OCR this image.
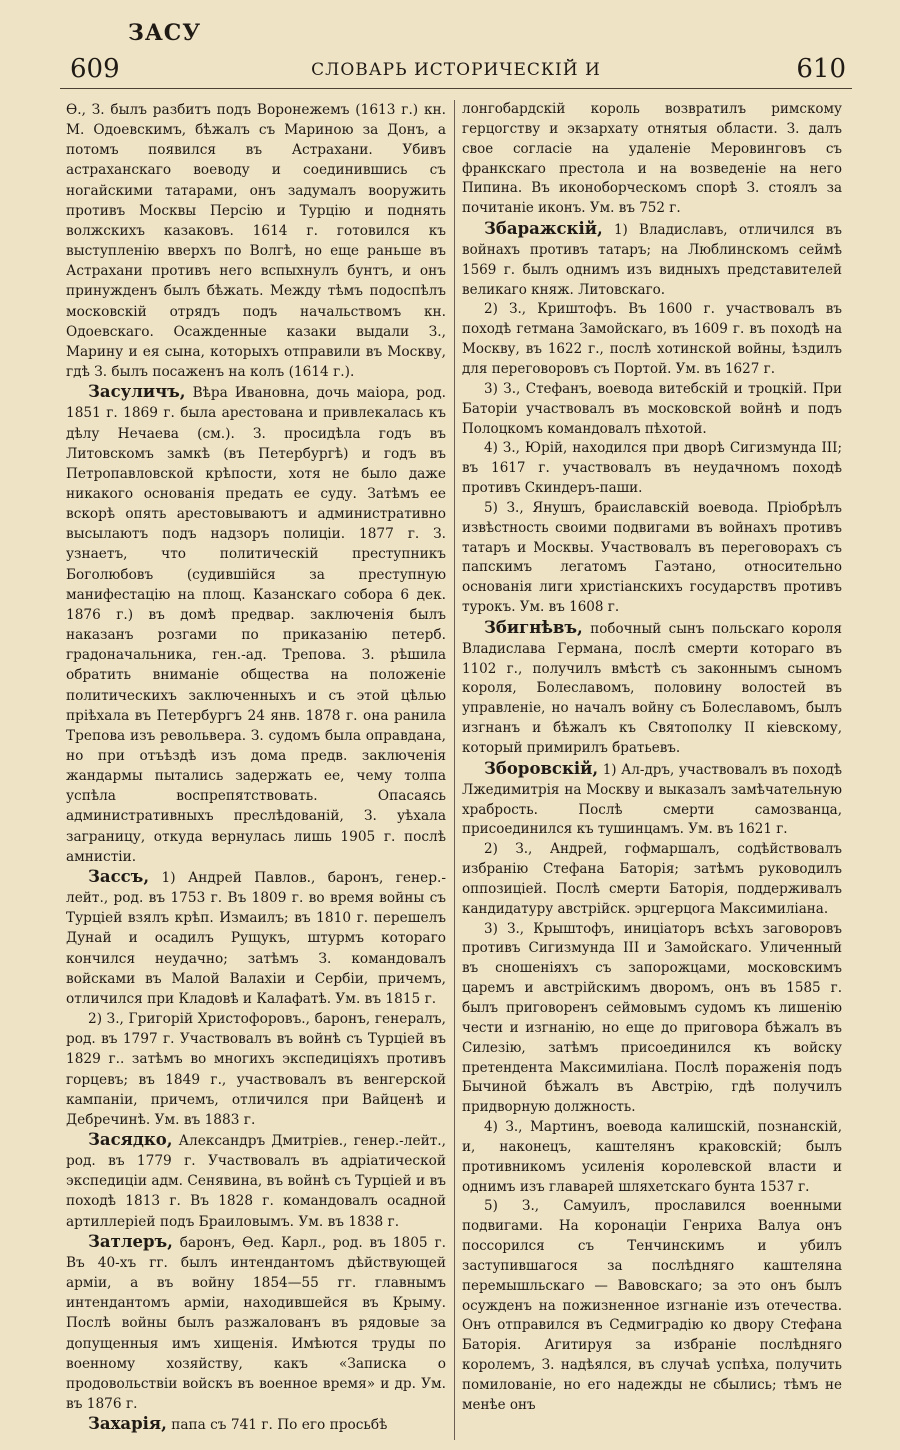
ЗАСУ
609	СЛОВАРЬ ИСТОРИЧЕСКІЙ И	610

Ө., З. былъ разбитъ подъ Воронежемъ (1613 г.) кн. М. Одоевскимъ, бѣжалъ съ Мариною за Донъ, а потомъ появился въ Астрахани. Убивъ астраханскаго воеводу и соединившись съ ногайскими татарами, онъ задумалъ вооружить противъ Москвы Персію и Турцію и поднять волжскихъ казаковъ. 1614 г. готовился къ выступленію вверхъ по Волгѣ, но еще раньше въ Астрахани противъ него вспыхнулъ бунтъ, и онъ принужденъ былъ бѣжать. Между тѣмъ подоспѣлъ московскій отрядъ подъ начальствомъ кн. Одоевскаго. Осажденные казаки выдали З., Марину и ея сына, которыхъ отправили въ Москву, гдѣ З. былъ посаженъ на колъ (1614 г.).

Засуличъ, Вѣра Ивановна, дочь маіора, род. 1851 г. 1869 г. была арестована и привлекалась къ дѣлу Нечаева (см.). З. просидѣла годъ въ Литовскомъ замкѣ (въ Петербургѣ) и годъ въ Петропавловской крѣпости, хотя не было даже никакого основанія предать ее суду. Затѣмъ ее вскорѣ опять арестовываютъ и административно высылаютъ подъ надзоръ полиціи. 1877 г. З. узнаетъ, что политическій преступникъ Боголюбовъ (судившійся за преступную манифестацію на площ. Казанскаго собора 6 дек. 1876 г.) въ домѣ предвар. заключенія былъ наказанъ розгами по приказанію петерб. градоначальника, ген.-ад. Трепова. З. рѣшила обратить вниманіе общества на положеніе политическихъ заключенныхъ и съ этой цѣлью пріѣхала въ Петербургъ 24 янв. 1878 г. она ранила Трепова изъ револьвера. З. судомъ была оправдана, но при отъѣздѣ изъ дома предв. заключенія жандармы пытались задержать ее, чему толпа успѣла воспрепятствовать. Опасаясь административныхъ преслѣдованій, З. уѣхала заграницу, откуда вернулась лишь 1905 г. послѣ амнистіи.

Зассъ, 1) Андрей Павлов., баронъ, генер.-лейт., род. въ 1753 г. Въ 1809 г. во время войны съ Турціей взялъ крѣп. Измаилъ; въ 1810 г. перешелъ Дунай и осадилъ Рущукъ, штурмъ котораго кончился неудачно; затѣмъ З. командовалъ войсками въ Малой Валахіи и Сербіи, причемъ, отличился при Кладовѣ и Калафатѣ. Ум. въ 1815 г.

2) З., Григорій Христофоровъ., баронъ, генералъ, род. въ 1797 г. Участвовалъ въ войнѣ съ Турціей въ 1829 г.. затѣмъ во многихъ экспедиціяхъ противъ горцевъ; въ 1849 г., участвовалъ въ венгерской кампаніи, причемъ, отличился при Вайценѣ и Дебречинѣ. Ум. въ 1883 г.

Засядко, Александръ Дмитріев., генер.-лейт., род. въ 1779 г. Участвовалъ въ адріатической экспедиціи адм. Сенявина, въ войнѣ съ Турціей и въ походѣ 1813 г. Въ 1828 г. командовалъ осадной артиллеріей подъ Браиловымъ. Ум. въ 1838 г.

Затлеръ, баронъ, Өед. Карл., род. въ 1805 г. Въ 40-хъ гг. былъ интендантомъ дѣйствующей арміи, а въ войну 1854—55 гг. главнымъ интендантомъ арміи, находившейся въ Крыму. Послѣ войны былъ разжалованъ въ рядовые за допущенныя имъ хищенія. Имѣются труды по военному хозяйству, какъ «Записка о продовольствіи войскъ въ военное время» и др. Ум. въ 1876 г.

Захарія, папа съ 741 г. По его просьбѣ

лонгобардскій король возвратилъ римскому герцогству и экзархату отнятыя области. З. далъ свое согласіе на удаленіе Меровинговъ съ франкскаго престола и на возведеніе на него Пипина. Въ иконоборческомъ спорѣ З. стоялъ за почитаніе иконъ. Ум. въ 752 г.

Збаражскій, 1) Владиславъ, отличился въ войнахъ противъ татаръ; на Люблинскомъ сеймѣ 1569 г. былъ однимъ изъ видныхъ представителей великаго княж. Литовскаго.

2) З., Криштофъ. Въ 1600 г. участвовалъ въ походѣ гетмана Замойскаго, въ 1609 г. въ походѣ на Москву, въ 1622 г., послѣ хотинской войны, ѣздилъ для переговоровъ съ Портой. Ум. въ 1627 г.

3) З., Стефанъ, воевода витебскій и троцкій. При Баторіи участвовалъ въ московской войнѣ и подъ Полоцкомъ командовалъ пѣхотой.

4) З., Юрій, находился при дворѣ Сигизмунда III; въ 1617 г. участвовалъ въ неудачномъ походѣ противъ Скиндеръ-паши.

5) З., Янушъ, браиславскій воевода. Пріобрѣлъ извѣстность своими подвигами въ войнахъ противъ татаръ и Москвы. Участвовалъ въ переговорахъ съ папскимъ легатомъ Гаэтано, относительно основанія лиги христіанскихъ государствъ противъ турокъ. Ум. въ 1608 г.

Збигнѣвъ, побочный сынъ польскаго короля Владислава Германа, послѣ смерти котораго въ 1102 г., получилъ вмѣстѣ съ законнымъ сыномъ короля, Болеславомъ, половину волостей въ управленіе, но началъ войну съ Болеславомъ, былъ изгнанъ и бѣжалъ къ Святополку II кіевскому, который примирилъ братьевъ.

Зборовскій, 1) Ал-дръ, участвовалъ въ походѣ Лжедимитрія на Москву и выказалъ замѣчательную храбрость. Послѣ смерти самозванца, присоединился къ тушинцамъ. Ум. въ 1621 г.

2) З., Андрей, гофмаршалъ, содѣйствовалъ избранію Стефана Баторія; затѣмъ руководилъ оппозиціей. Послѣ смерти Баторія, поддерживалъ кандидатуру австрійск. эрцгерцога Максимиліана.

3) З., Крыштофъ, иниціаторъ всѣхъ заговоровъ противъ Сигизмунда III и Замойскаго. Уличенный въ сношеніяхъ съ запорожцами, московскимъ царемъ и австрійскимъ дворомъ, онъ въ 1585 г. былъ приговоренъ сеймовымъ судомъ къ лишенію чести и изгнанію, но еще до приговора бѣжалъ въ Силезію, затѣмъ присоединился къ войску претендента Максимиліана. Послѣ пораженія подъ Бычиной бѣжалъ въ Австрію, гдѣ получилъ придворную должность.

4) З., Мартинъ, воевода калишскій, познанскій, и, наконецъ, каштелянъ краковскій; былъ противникомъ усиленія королевской власти и однимъ изъ главарей шляхетскаго бунта 1537 г.

5) З., Самуилъ, прославился военными подвигами. На коронаціи Генриха Валуа онъ поссорился съ Тенчинскимъ и убилъ заступившагося за послѣдняго каштеляна перемышльскаго — Вавовскаго; за это онъ былъ осужденъ на пожизненное изгнаніе изъ отечества. Онъ отправился въ Седмиградію ко двору Стефана Баторія. Агитируя за избраніе послѣдняго королемъ, З. надѣялся, въ случаѣ успѣха, получить помилованіе, но его надежды не сбылись; тѣмъ не менѣе онъ
